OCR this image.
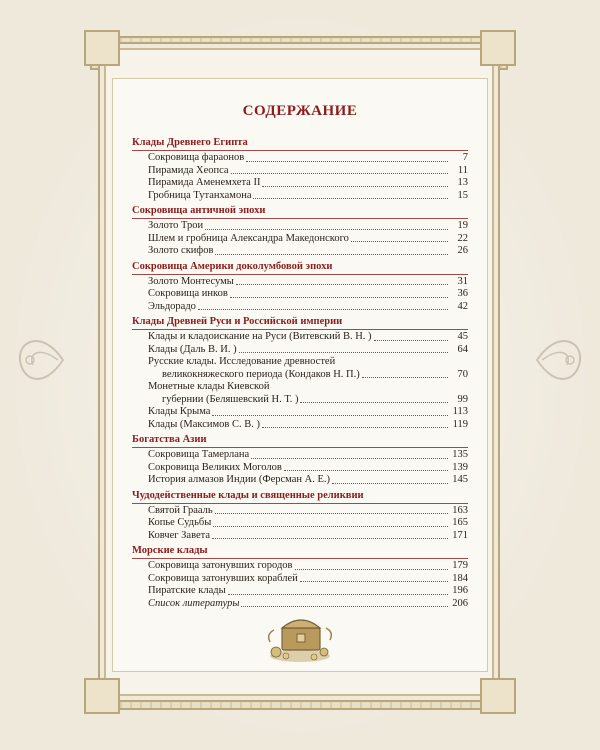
СОДЕРЖАНИЕ
Клады Древнего Египта
Сокровища фараонов	7
Пирамида Хеопса	11
Пирамида Аменемхета II	13
Гробница Тутанхамона	15
Сокровища античной эпохи
Золото Трои	19
Шлем и гробница Александра Македонского	22
Золото скифов	26
Сокровища Америки доколумбовой эпохи
Золото Монтесумы	31
Сокровища инков	36
Эльдорадо	42
Клады Древней Руси и Российской империи
Клады и кладоискание на Руси (Витевский В. Н. )	45
Клады (Даль В. И. )	64
Русские клады. Исследование древностей
великокняжеского периода (Кондаков Н. П.)	70
Монетные клады Киевской
губернии (Беляшевский Н. Т. )	99
Клады Крыма	113
Клады (Максимов С. В. )	119
Богатства Азии
Сокровища Тамерлана	135
Сокровища Великих Моголов	139
История алмазов Индии (Ферсман А. Е.)	145
Чудодейственные клады и священные реликвии
Святой Грааль	163
Копье Судьбы	165
Ковчег Завета	171
Морские клады
Сокровища затонувших городов	179
Сокровища затонувших кораблей	184
Пиратские клады	196
Список литературы	206
